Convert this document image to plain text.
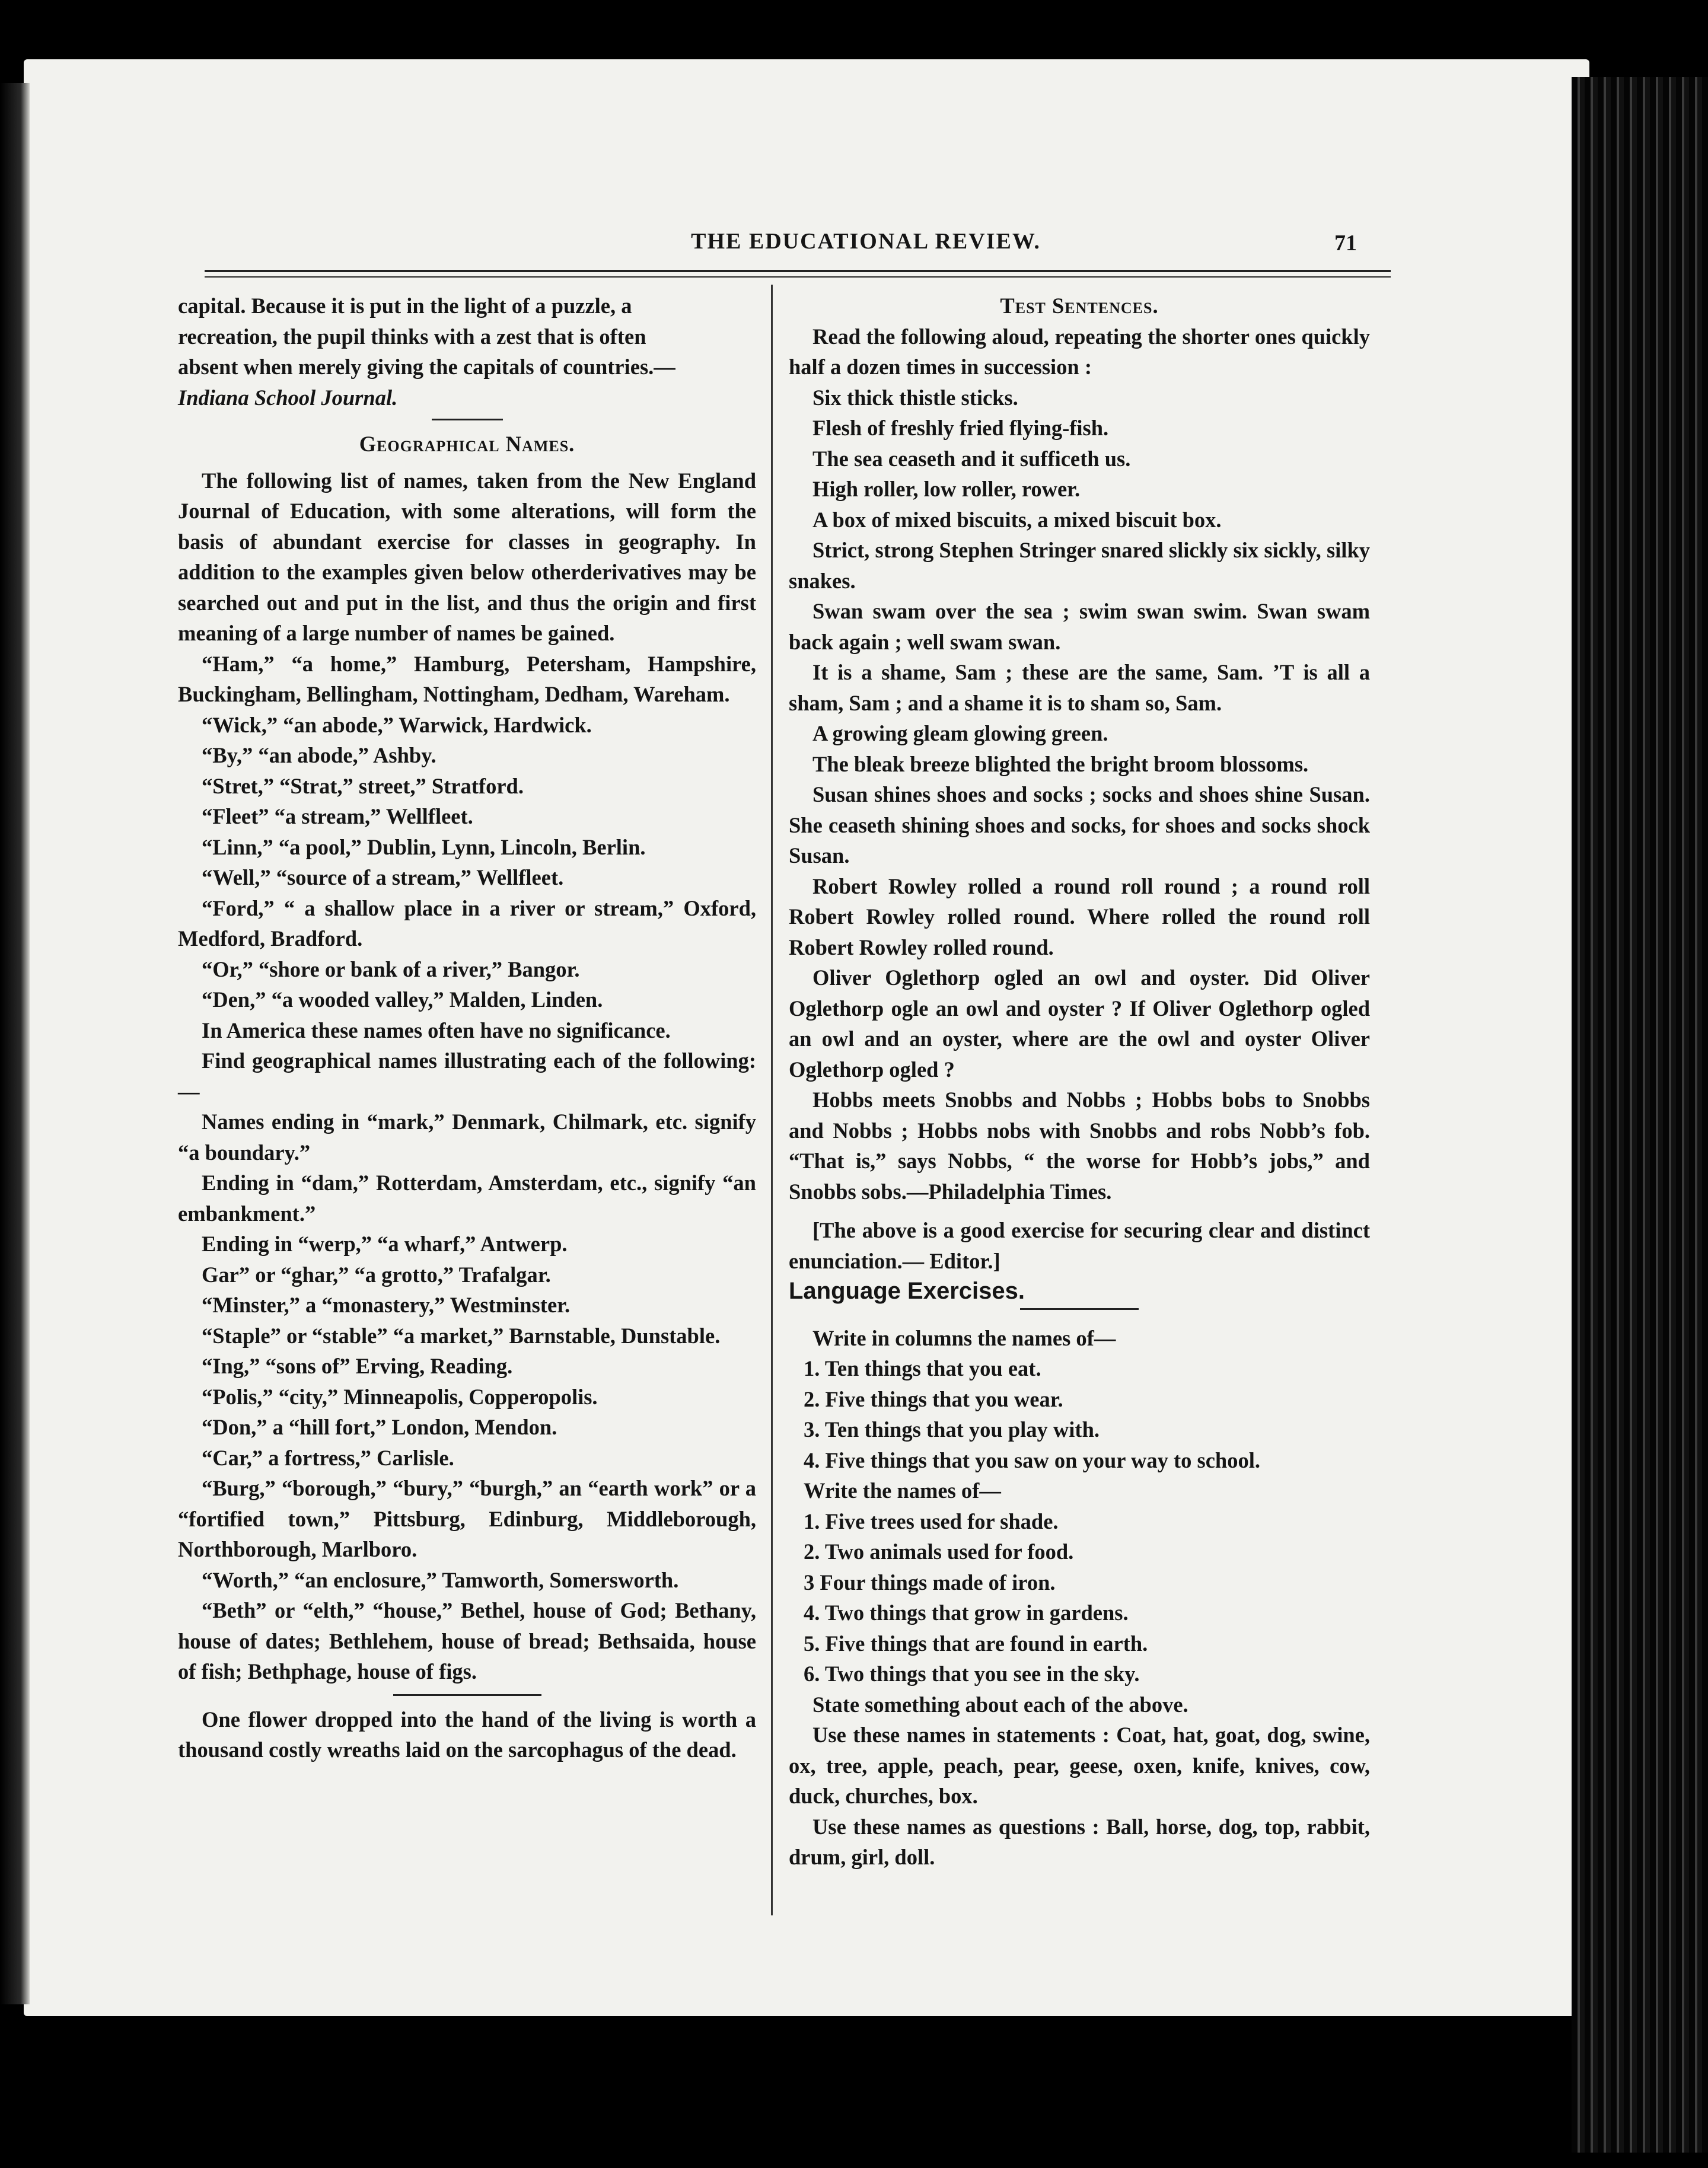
THE EDUCATIONAL REVIEW.	71

capital. Because it is put in the light of a puzzle, a

recreation, the pupil thinks with a zest that is often

absent when merely giving the capitals of countries.—

Indiana School Journal.

Geographical Names.

The following list of names, taken from the New England Journal of Education, with some alterations, will form the basis of abundant exercise for classes in geography. In addition to the examples given below otherderivatives may be searched out and put in the list, and thus the origin and first meaning of a large number of names be gained.

“Ham,” “a home,” Hamburg, Petersham, Hampshire, Buckingham, Bellingham, Nottingham, Dedham, Wareham.

“Wick,” “an abode,” Warwick, Hardwick.

“By,” “an abode,” Ashby.

“Stret,” “Strat,” street,” Stratford.

“Fleet” “a stream,” Wellfleet.

“Linn,” “a pool,” Dublin, Lynn, Lincoln, Berlin.

“Well,” “source of a stream,” Wellfleet.

“Ford,” “ a shallow place in a river or stream,” Oxford, Medford, Bradford.

“Or,” “shore or bank of a river,” Bangor.

“Den,” “a wooded valley,” Malden, Linden.

In America these names often have no significance.

Find geographical names illustrating each of the following:—

Names ending in “mark,” Denmark, Chilmark, etc. signify “a boundary.”

Ending in “dam,” Rotterdam, Amsterdam, etc., signify “an embankment.”

Ending in “werp,” “a wharf,” Antwerp.

Gar” or “ghar,” “a grotto,” Trafalgar.

“Minster,” a “monastery,” Westminster.

“Staple” or “stable” “a market,” Barnstable, Dunstable.

“Ing,” “sons of” Erving, Reading.

“Polis,” “city,” Minneapolis, Copperopolis.

“Don,” a “hill fort,” London, Mendon.

“Car,” a fortress,” Carlisle.

“Burg,” “borough,” “bury,” “burgh,” an “earth work” or a “fortified town,” Pittsburg, Edinburg, Middleborough, Northborough, Marlboro.

“Worth,” “an enclosure,” Tamworth, Somersworth.

“Beth” or “elth,” “house,” Bethel, house of God; Bethany, house of dates; Bethlehem, house of bread; Bethsaida, house of fish; Bethphage, house of figs.

One flower dropped into the hand of the living is worth a thousand costly wreaths laid on the sarcophagus of the dead.

Test Sentences.

Read the following aloud, repeating the shorter ones quickly half a dozen times in succession :

Six thick thistle sticks.

Flesh of freshly fried flying-fish.

The sea ceaseth and it sufficeth us.

High roller, low roller, rower.

A box of mixed biscuits, a mixed biscuit box.

Strict, strong Stephen Stringer snared slickly six sickly, silky snakes.

Swan swam over the sea ; swim swan swim. Swan swam back again ; well swam swan.

It is a shame, Sam ; these are the same, Sam. ’T is all a sham, Sam ; and a shame it is to sham so, Sam.

A growing gleam glowing green.

The bleak breeze blighted the bright broom blossoms.

Susan shines shoes and socks ; socks and shoes shine Susan. She ceaseth shining shoes and socks, for shoes and socks shock Susan.

Robert Rowley rolled a round roll round ; a round roll Robert Rowley rolled round. Where rolled the round roll Robert Rowley rolled round.

Oliver Oglethorp ogled an owl and oyster. Did Oliver Oglethorp ogle an owl and oyster ? If Oliver Oglethorp ogled an owl and an oyster, where are the owl and oyster Oliver Oglethorp ogled ?

Hobbs meets Snobbs and Nobbs ; Hobbs bobs to Snobbs and Nobbs ; Hobbs nobs with Snobbs and robs Nobb’s fob. “That is,” says Nobbs, “ the worse for Hobb’s jobs,” and Snobbs sobs.—Philadelphia Times.

[The above is a good exercise for securing clear and distinct enunciation.— Editor.]

Language Exercises.

Write in columns the names of—

1. Ten things that you eat.

2. Five things that you wear.

3. Ten things that you play with.

4. Five things that you saw on your way to school.

Write the names of—

1. Five trees used for shade.

2. Two animals used for food.

3 Four things made of iron.

4. Two things that grow in gardens.

5. Five things that are found in earth.

6. Two things that you see in the sky.

State something about each of the above.

Use these names in statements : Coat, hat, goat, dog, swine, ox, tree, apple, peach, pear, geese, oxen, knife, knives, cow, duck, churches, box.

Use these names as questions : Ball, horse, dog, top, rabbit, drum, girl, doll.
